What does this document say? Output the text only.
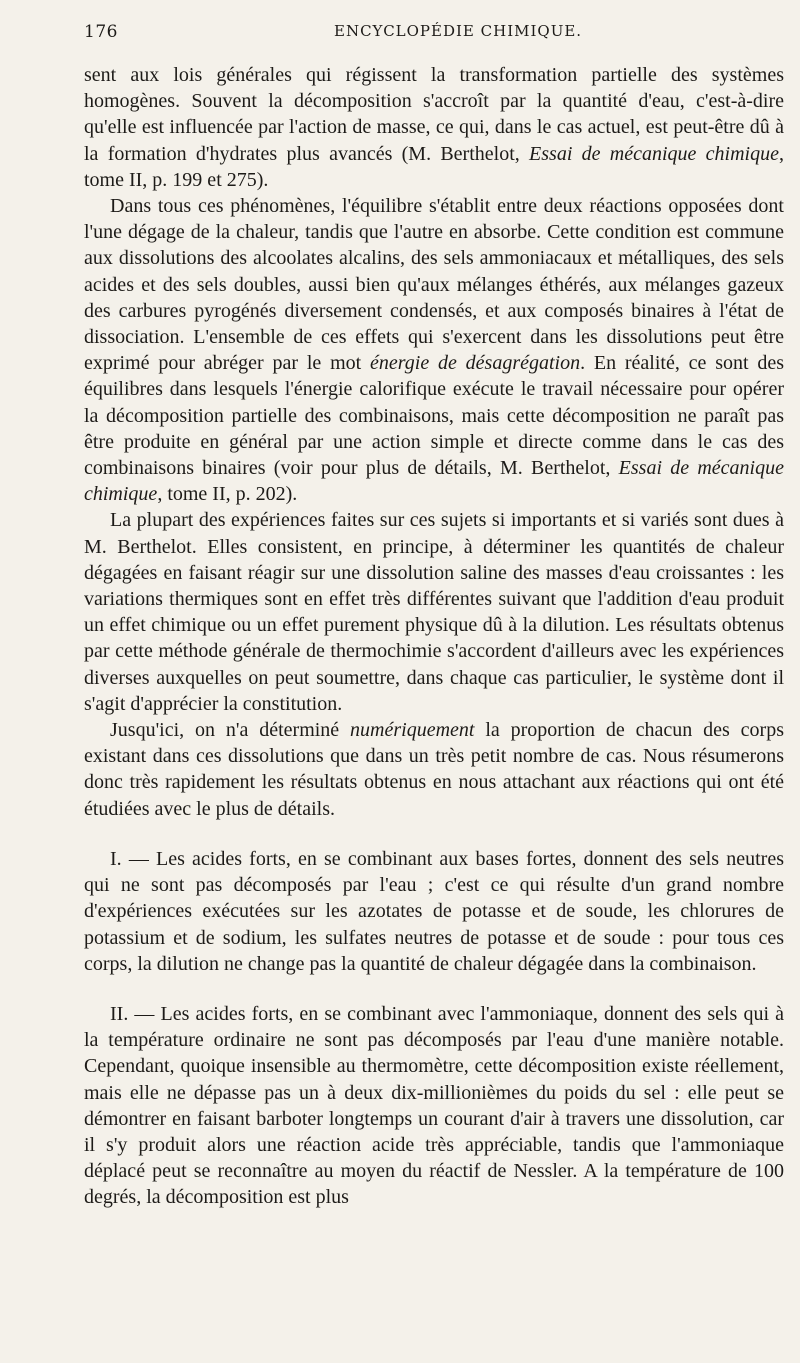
176	ENCYCLOPÉDIE CHIMIQUE.

sent aux lois générales qui régissent la transformation partielle des systèmes homogènes. Souvent la décomposition s'accroît par la quantité d'eau, c'est-à-dire qu'elle est influencée par l'action de masse, ce qui, dans le cas actuel, est peut-être dû à la formation d'hydrates plus avancés (M. Berthelot, Essai de mécanique chimique, tome II, p. 199 et 275).

Dans tous ces phénomènes, l'équilibre s'établit entre deux réactions opposées dont l'une dégage de la chaleur, tandis que l'autre en absorbe. Cette condition est commune aux dissolutions des alcoolates alcalins, des sels ammoniacaux et métalliques, des sels acides et des sels doubles, aussi bien qu'aux mélanges éthérés, aux mélanges gazeux des carbures pyrogénés diversement condensés, et aux composés binaires à l'état de dissociation. L'ensemble de ces effets qui s'exercent dans les dissolutions peut être exprimé pour abréger par le mot énergie de désagrégation. En réalité, ce sont des équilibres dans lesquels l'énergie calorifique exécute le travail nécessaire pour opérer la décomposition partielle des combinaisons, mais cette décomposition ne paraît pas être produite en général par une action simple et directe comme dans le cas des combinaisons binaires (voir pour plus de détails, M. Berthelot, Essai de mécanique chimique, tome II, p. 202).

La plupart des expériences faites sur ces sujets si importants et si variés sont dues à M. Berthelot. Elles consistent, en principe, à déterminer les quantités de chaleur dégagées en faisant réagir sur une dissolution saline des masses d'eau croissantes : les variations thermiques sont en effet très différentes suivant que l'addition d'eau produit un effet chimique ou un effet purement physique dû à la dilution. Les résultats obtenus par cette méthode générale de thermochimie s'accordent d'ailleurs avec les expériences diverses auxquelles on peut soumettre, dans chaque cas particulier, le système dont il s'agit d'apprécier la constitution.

Jusqu'ici, on n'a déterminé numériquement la proportion de chacun des corps existant dans ces dissolutions que dans un très petit nombre de cas. Nous résumerons donc très rapidement les résultats obtenus en nous attachant aux réactions qui ont été étudiées avec le plus de détails.

I. — Les acides forts, en se combinant aux bases fortes, donnent des sels neutres qui ne sont pas décomposés par l'eau ; c'est ce qui résulte d'un grand nombre d'expériences exécutées sur les azotates de potasse et de soude, les chlorures de potassium et de sodium, les sulfates neutres de potasse et de soude : pour tous ces corps, la dilution ne change pas la quantité de chaleur dégagée dans la combinaison.

II. — Les acides forts, en se combinant avec l'ammoniaque, donnent des sels qui à la température ordinaire ne sont pas décomposés par l'eau d'une manière notable. Cependant, quoique insensible au thermomètre, cette décomposition existe réellement, mais elle ne dépasse pas un à deux dix-millionièmes du poids du sel : elle peut se démontrer en faisant barboter longtemps un courant d'air à travers une dissolution, car il s'y produit alors une réaction acide très appréciable, tandis que l'ammoniaque déplacé peut se reconnaître au moyen du réactif de Nessler. A la température de 100 degrés, la décomposition est plus
